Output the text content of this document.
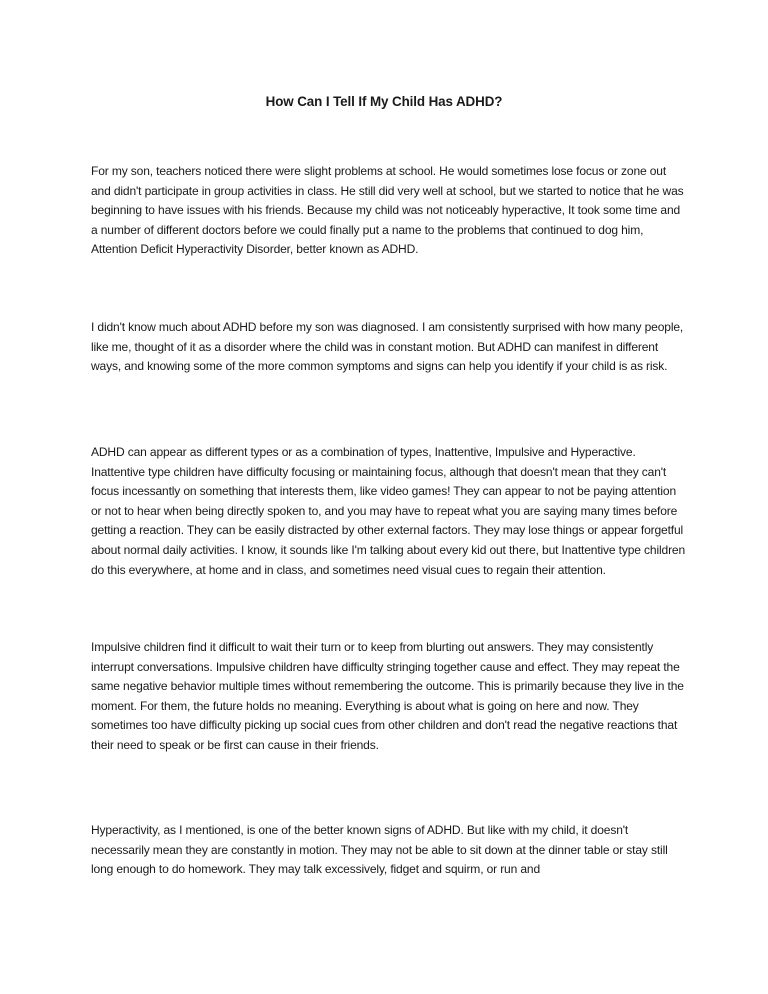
How Can I Tell If My Child Has ADHD?

For my son, teachers noticed there were slight problems at school. He would sometimes lose focus or zone out and didn't participate in group activities in class. He still did very well at school, but we started to notice that he was beginning to have issues with his friends. Because my child was not noticeably hyperactive, It took some time and a number of different doctors before we could finally put a name to the problems that continued to dog him, Attention Deficit Hyperactivity Disorder, better known as ADHD.

I didn't know much about ADHD before my son was diagnosed. I am consistently surprised with how many people, like me, thought of it as a disorder where the child was in constant motion. But ADHD can manifest in different ways, and knowing some of the more common symptoms and signs can help you identify if your child is as risk.

ADHD can appear as different types or as a combination of types, Inattentive, Impulsive and Hyperactive. Inattentive type children have difficulty focusing or maintaining focus, although that doesn't mean that they can't focus incessantly on something that interests them, like video games! They can appear to not be paying attention or not to hear when being directly spoken to, and you may have to repeat what you are saying many times before getting a reaction. They can be easily distracted by other external factors. They may lose things or appear forgetful about normal daily activities. I know, it sounds like I'm talking about every kid out there, but Inattentive type children do this everywhere, at home and in class, and sometimes need visual cues to regain their attention.

Impulsive children find it difficult to wait their turn or to keep from blurting out answers. They may consistently interrupt conversations. Impulsive children have difficulty stringing together cause and effect. They may repeat the same negative behavior multiple times without remembering the outcome. This is primarily because they live in the moment. For them, the future holds no meaning. Everything is about what is going on here and now. They sometimes too have difficulty picking up social cues from other children and don't read the negative reactions that their need to speak or be first can cause in their friends.

Hyperactivity, as I mentioned, is one of the better known signs of ADHD. But like with my child, it doesn't necessarily mean they are constantly in motion. They may not be able to sit down at the dinner table or stay still long enough to do homework. They may talk excessively, fidget and squirm, or run and
